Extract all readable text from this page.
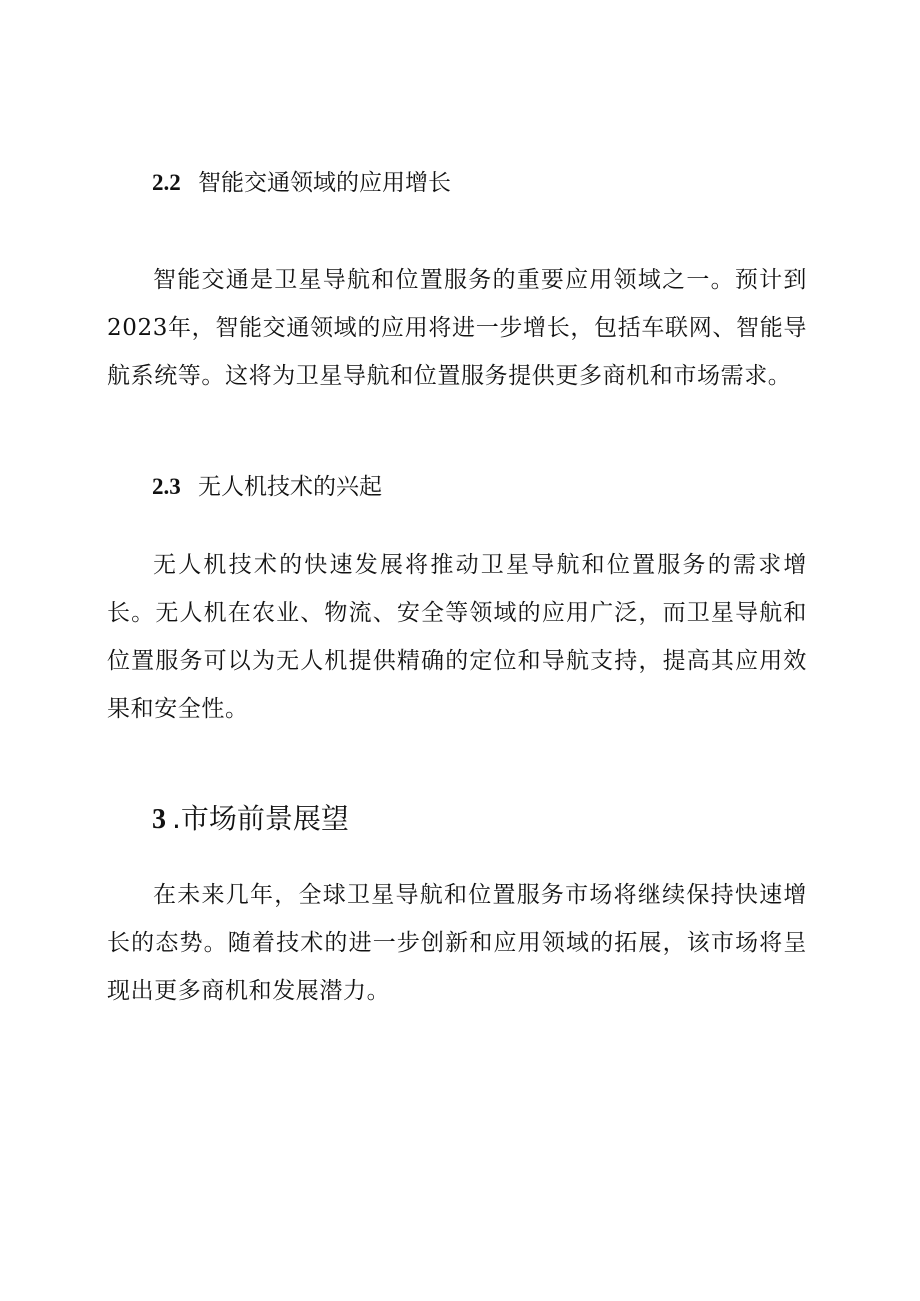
2.2 智能交通领域的应用增长

智能交通是卫星导航和位置服务的重要应用领域之一。预计到2023年，智能交通领域的应用将进一步增长，包括车联网、智能导航系统等。这将为卫星导航和位置服务提供更多商机和市场需求。

2.3 无人机技术的兴起

无人机技术的快速发展将推动卫星导航和位置服务的需求增长。无人机在农业、物流、安全等领域的应用广泛，而卫星导航和位置服务可以为无人机提供精确的定位和导航支持，提高其应用效果和安全性。

3 .市场前景展望

在未来几年，全球卫星导航和位置服务市场将继续保持快速增长的态势。随着技术的进一步创新和应用领域的拓展，该市场将呈现出更多商机和发展潜力。
